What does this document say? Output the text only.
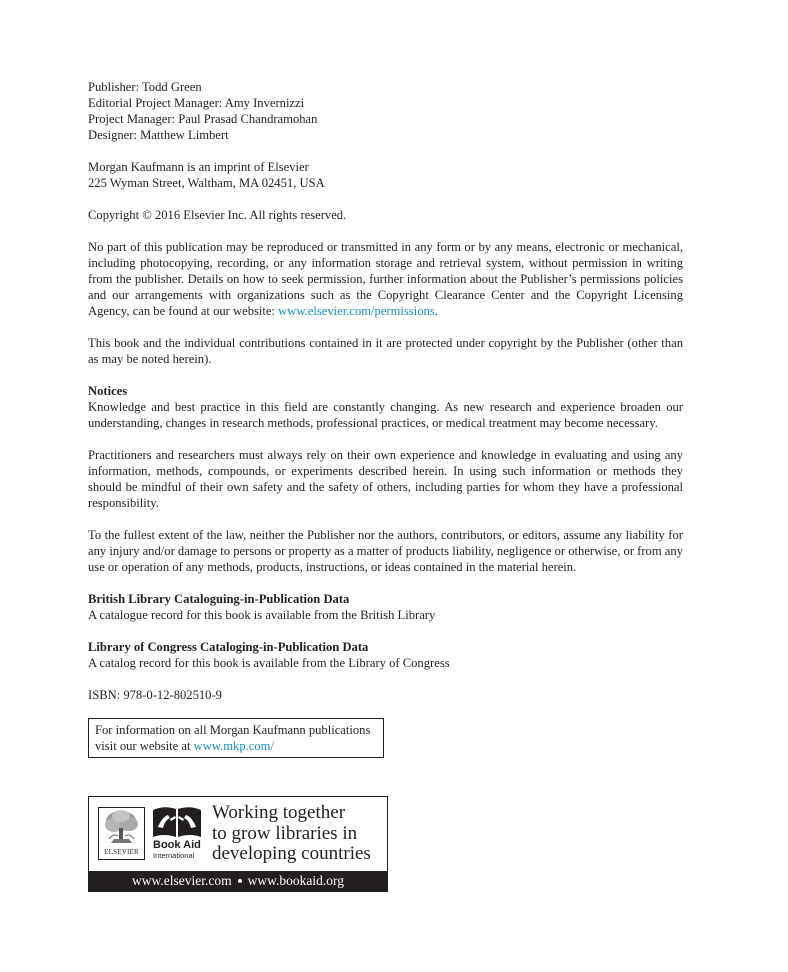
Publisher: Todd Green
Editorial Project Manager: Amy Invernizzi
Project Manager: Paul Prasad Chandramohan
Designer: Matthew Limbert
Morgan Kaufmann is an imprint of Elsevier
225 Wyman Street, Waltham, MA 02451, USA
Copyright © 2016 Elsevier Inc. All rights reserved.
No part of this publication may be reproduced or transmitted in any form or by any means, electronic or mechanical, including photocopying, recording, or any information storage and retrieval system, without permission in writing from the publisher. Details on how to seek permission, further information about the Publisher’s permissions policies and our arrangements with organizations such as the Copyright Clearance Center and the Copyright Licensing Agency, can be found at our website: www.elsevier.com/permissions.
This book and the individual contributions contained in it are protected under copyright by the Publisher (other than as may be noted herein).
Notices
Knowledge and best practice in this field are constantly changing. As new research and experience broaden our understanding, changes in research methods, professional practices, or medical treatment may become necessary.
Practitioners and researchers must always rely on their own experience and knowledge in evaluating and using any information, methods, compounds, or experiments described herein. In using such information or methods they should be mindful of their own safety and the safety of others, including parties for whom they have a professional responsibility.
To the fullest extent of the law, neither the Publisher nor the authors, contributors, or editors, assume any liability for any injury and/or damage to persons or property as a matter of products liability, negligence or otherwise, or from any use or operation of any methods, products, instructions, or ideas contained in the material herein.
British Library Cataloguing-in-Publication Data
A catalogue record for this book is available from the British Library
Library of Congress Cataloging-in-Publication Data
A catalog record for this book is available from the Library of Congress
ISBN: 978-0-12-802510-9
For information on all Morgan Kaufmann publications
visit our website at www.mkp.com/
ELSEVIER
Book Aid
International
Working together
to grow libraries in
developing countries
www.elsevier.com www.bookaid.org
